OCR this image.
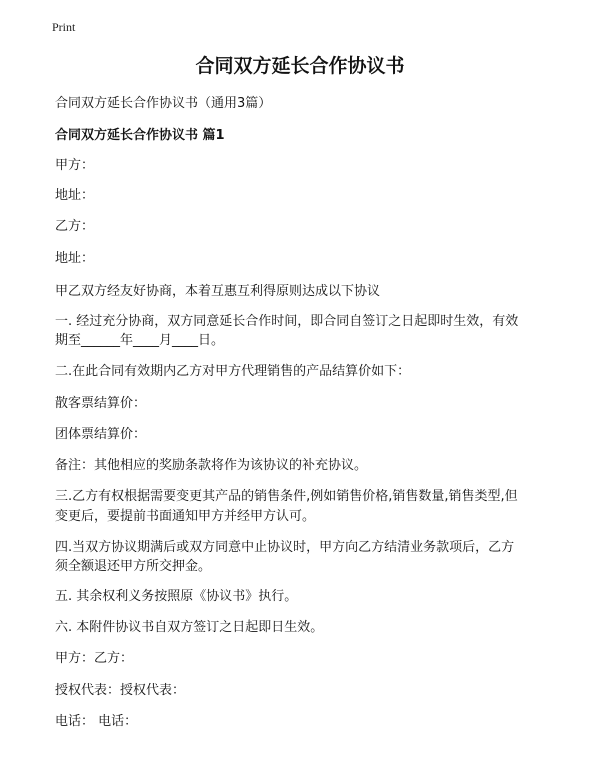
Print
合同双方延长合作协议书

合同双方延长合作协议书（通用3篇）

合同双方延长合作协议书 篇1

甲方：

地址：

乙方：

地址：

甲乙双方经友好协商，本着互惠互利得原则达成以下协议

一. 经过充分协商，双方同意延长合作时间，即合同自签订之日起即时生效，有效

期至______年____月____日。

二.在此合同有效期内乙方对甲方代理销售的产品结算价如下：

散客票结算价：

团体票结算价：

备注：其他相应的奖励条款将作为该协议的补充协议。

三.乙方有权根据需要变更其产品的销售条件,例如销售价格,销售数量,销售类型,但

变更后，要提前书面通知甲方并经甲方认可。

四.当双方协议期满后或双方同意中止协议时，甲方向乙方结清业务款项后，乙方

须全额退还甲方所交押金。

五. 其余权利义务按照原《协议书》执行。

六. 本附件协议书自双方签订之日起即日生效。

甲方：乙方：

授权代表：授权代表：

电话： 电话：
